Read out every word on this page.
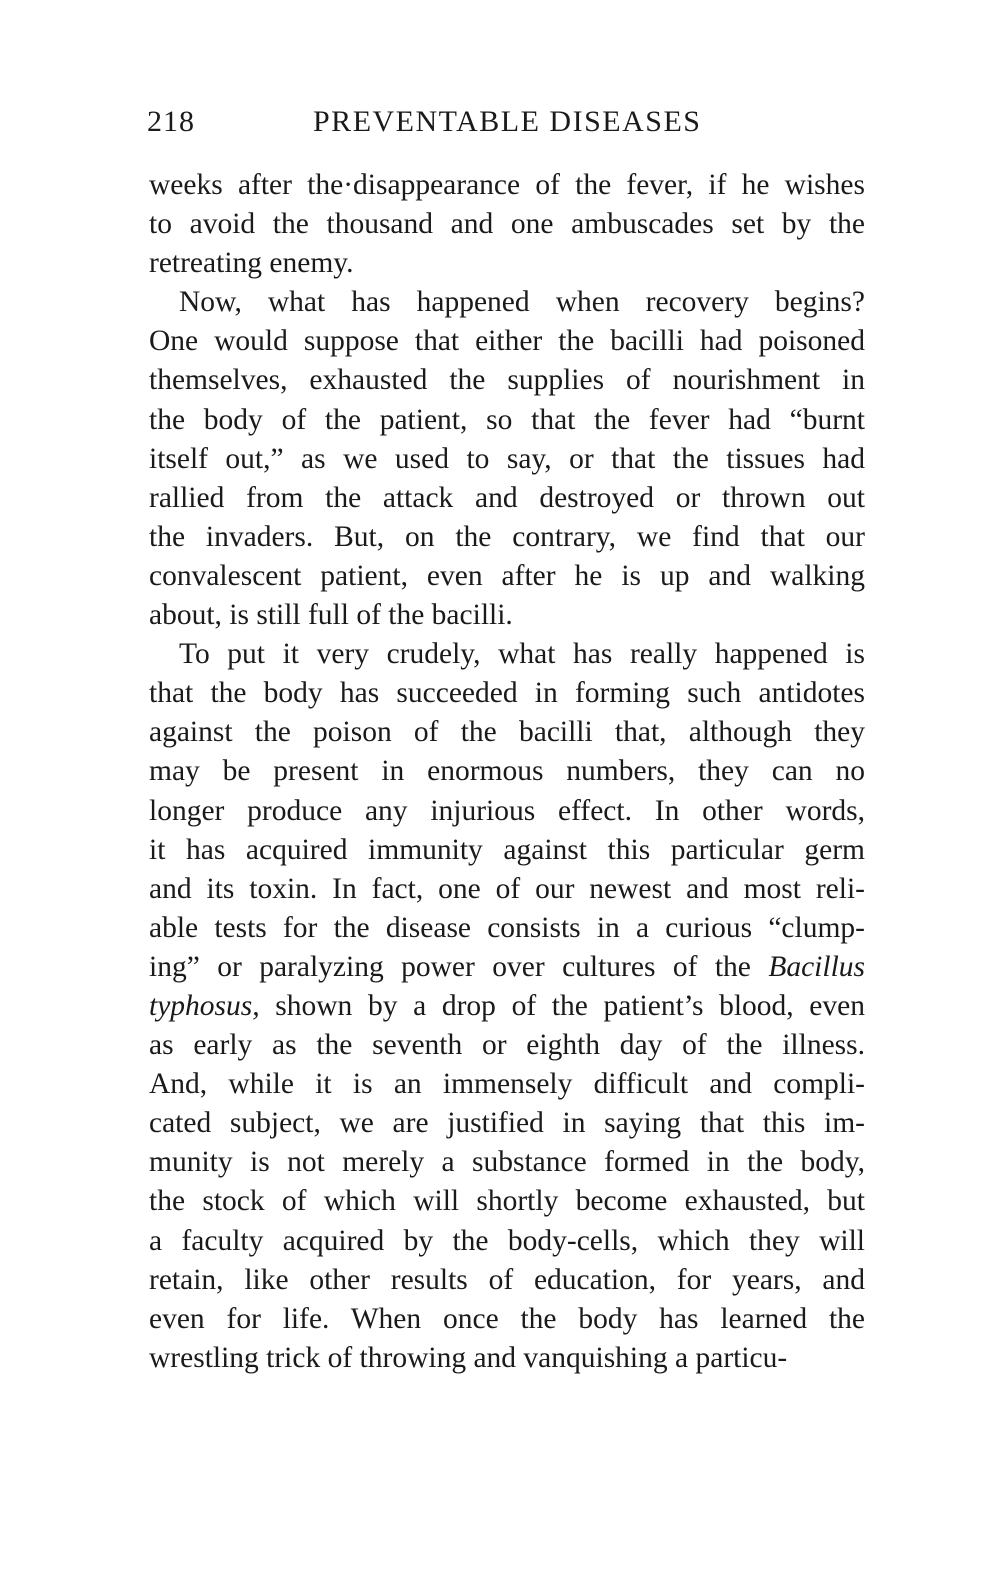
218	PREVENTABLE DISEASES
weeks after the·disappearance of the fever, if he wishes
to avoid the thousand and one ambuscades set by the
retreating enemy.
Now, what has happened when recovery begins?
One would suppose that either the bacilli had poisoned
themselves, exhausted the supplies of nourishment in
the body of the patient, so that the fever had “burnt
itself out,” as we used to say, or that the tissues had
rallied from the attack and destroyed or thrown out
the invaders. But, on the contrary, we find that our
convalescent patient, even after he is up and walking
about, is still full of the bacilli.
To put it very crudely, what has really happened is
that the body has succeeded in forming such antidotes
against the poison of the bacilli that, although they
may be present in enormous numbers, they can no
longer produce any injurious effect. In other words,
it has acquired immunity against this particular germ
and its toxin. In fact, one of our newest and most reli-
able tests for the disease consists in a curious “clump-
ing” or paralyzing power over cultures of the Bacillus
typhosus, shown by a drop of the patient’s blood, even
as early as the seventh or eighth day of the illness.
And, while it is an immensely difficult and compli-
cated subject, we are justified in saying that this im-
munity is not merely a substance formed in the body,
the stock of which will shortly become exhausted, but
a faculty acquired by the body-cells, which they will
retain, like other results of education, for years, and
even for life. When once the body has learned the
wrestling trick of throwing and vanquishing a particu-
